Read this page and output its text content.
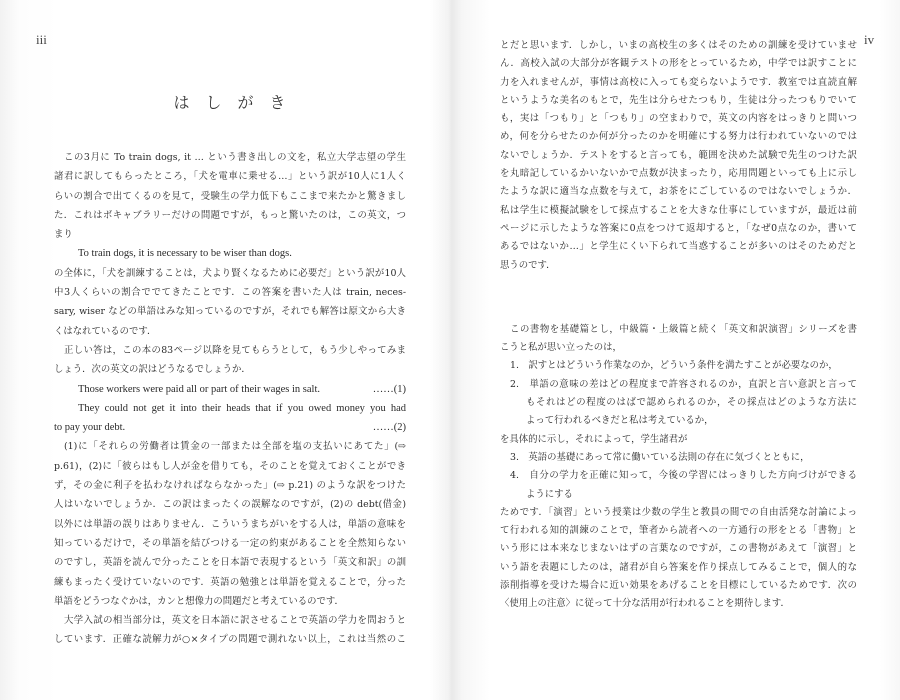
iii	iv
はしがき
この3月に To train dogs, it … という書き出しの文を，私立大学志望の学生
諸君に訳してもらったところ，「犬を電車に乗せる…」という訳が10人に1人く
らいの割合で出てくるのを見て，受験生の学力低下もここまで来たかと驚きまし
た．これはボキャブラリーだけの問題ですが，もっと驚いたのは，この英文，つ
まり
To train dogs, it is necessary to be wiser than dogs.
の全体に，「犬を訓練することは，犬より賢くなるために必要だ」という訳が10人
中3人くらいの割合ででてきたことです．この答案を書いた人は train, neces-
sary, wiser などの単語はみな知っているのですが，それでも解答は原文から大き
くはなれているのです．
正しい答は，この本の83ページ以降を見てもらうとして，もう少しやってみま
しょう．次の英文の訳はどうなるでしょうか．
……(1)
Those workers were paid all or part of their wages in salt.
They could not get it into their heads that if you owed money you had
……(2)
to pay your debt.
(1)に「それらの労働者は賃金の一部または全部を塩の支払いにあてた」(⇨
p.61)，(2)に「彼らはもし人が金を借りても，そのことを覚えておくことができ
ず，その金に利子を払わなければならなかった」(⇨ p.21) のような訳をつけた
人はいないでしょうか．この訳はまったくの誤解なのですが，(2)の debt(借金)
以外には単語の誤りはありません．こういうまちがいをする人は，単語の意味を
知っているだけで，その単語を結びつける一定の約束があることを全然知らない
のですし，英語を読んで分ったことを日本語で表現するという「英文和訳」の訓
練もまったく受けていないのです．英語の勉強とは単語を覚えることで，分った
単語をどうつなぐかは，カンと想像力の問題だと考えているのです．
大学入試の相当部分は，英文を日本語に訳させることで英語の学力を問おうと
しています．正確な読解力が○×タイプの問題で測れない以上，これは当然のこ
とだと思います．しかし，いまの高校生の多くはそのための訓練を受けていませ
ん．高校入試の大部分が客観テストの形をとっているため，中学では訳すことに
力を入れませんが，事情は高校に入っても変らないようです．教室では直読直解
というような美名のもとで，先生は分らせたつもり，生徒は分ったつもりでいて
も，実は「つもり」と「つもり」の空まわりで，英文の内容をはっきりと問いつ
め，何を分らせたのか何が分ったのかを明確にする努力は行われていないのでは
ないでしょうか．テストをすると言っても，範囲を決めた試験で先生のつけた訳
を丸暗記しているかいないかで点数が決まったり，応用問題といっても上に示し
たような訳に適当な点数を与えて，お茶をにごしているのではないでしょうか．
私は学生に模擬試験をして採点することを大きな仕事にしていますが，最近は前
ページに示したような答案に0点をつけて返却すると，「なぜ0点なのか，書いて
あるではないか…」と学生にくい下られて当惑することが多いのはそのためだと
思うのです．
この書物を基礎篇とし，中級篇・上級篇と続く「英文和訳演習」シリーズを書
こうと私が思い立ったのは，
1.　訳すとはどういう作業なのか，どういう条件を満たすことが必要なのか，
2.　単語の意味の差はどの程度まで許容されるのか，直訳と言い意訳と言って
もそれはどの程度のはばで認められるのか，その採点はどのような方法に
よって行われるべきだと私は考えているか，
を具体的に示し，それによって，学生諸君が
3.　英語の基礎にあって常に働いている法則の存在に気づくとともに，
4.　自分の学力を正確に知って，今後の学習にはっきりした方向づけができる
ようにする
ためです．「演習」という授業は少数の学生と教員の間での自由活発な討論によっ
て行われる知的訓練のことで，筆者から読者への一方通行の形をとる「書物」と
いう形には本来なじまないはずの言葉なのですが，この書物があえて「演習」と
いう語を表題にしたのは，諸君が自ら答案を作り採点してみることで，個人的な
添削指導を受けた場合に近い効果をあげることを目標にしているためです．次の
〈使用上の注意〉に従って十分な活用が行われることを期待します．
